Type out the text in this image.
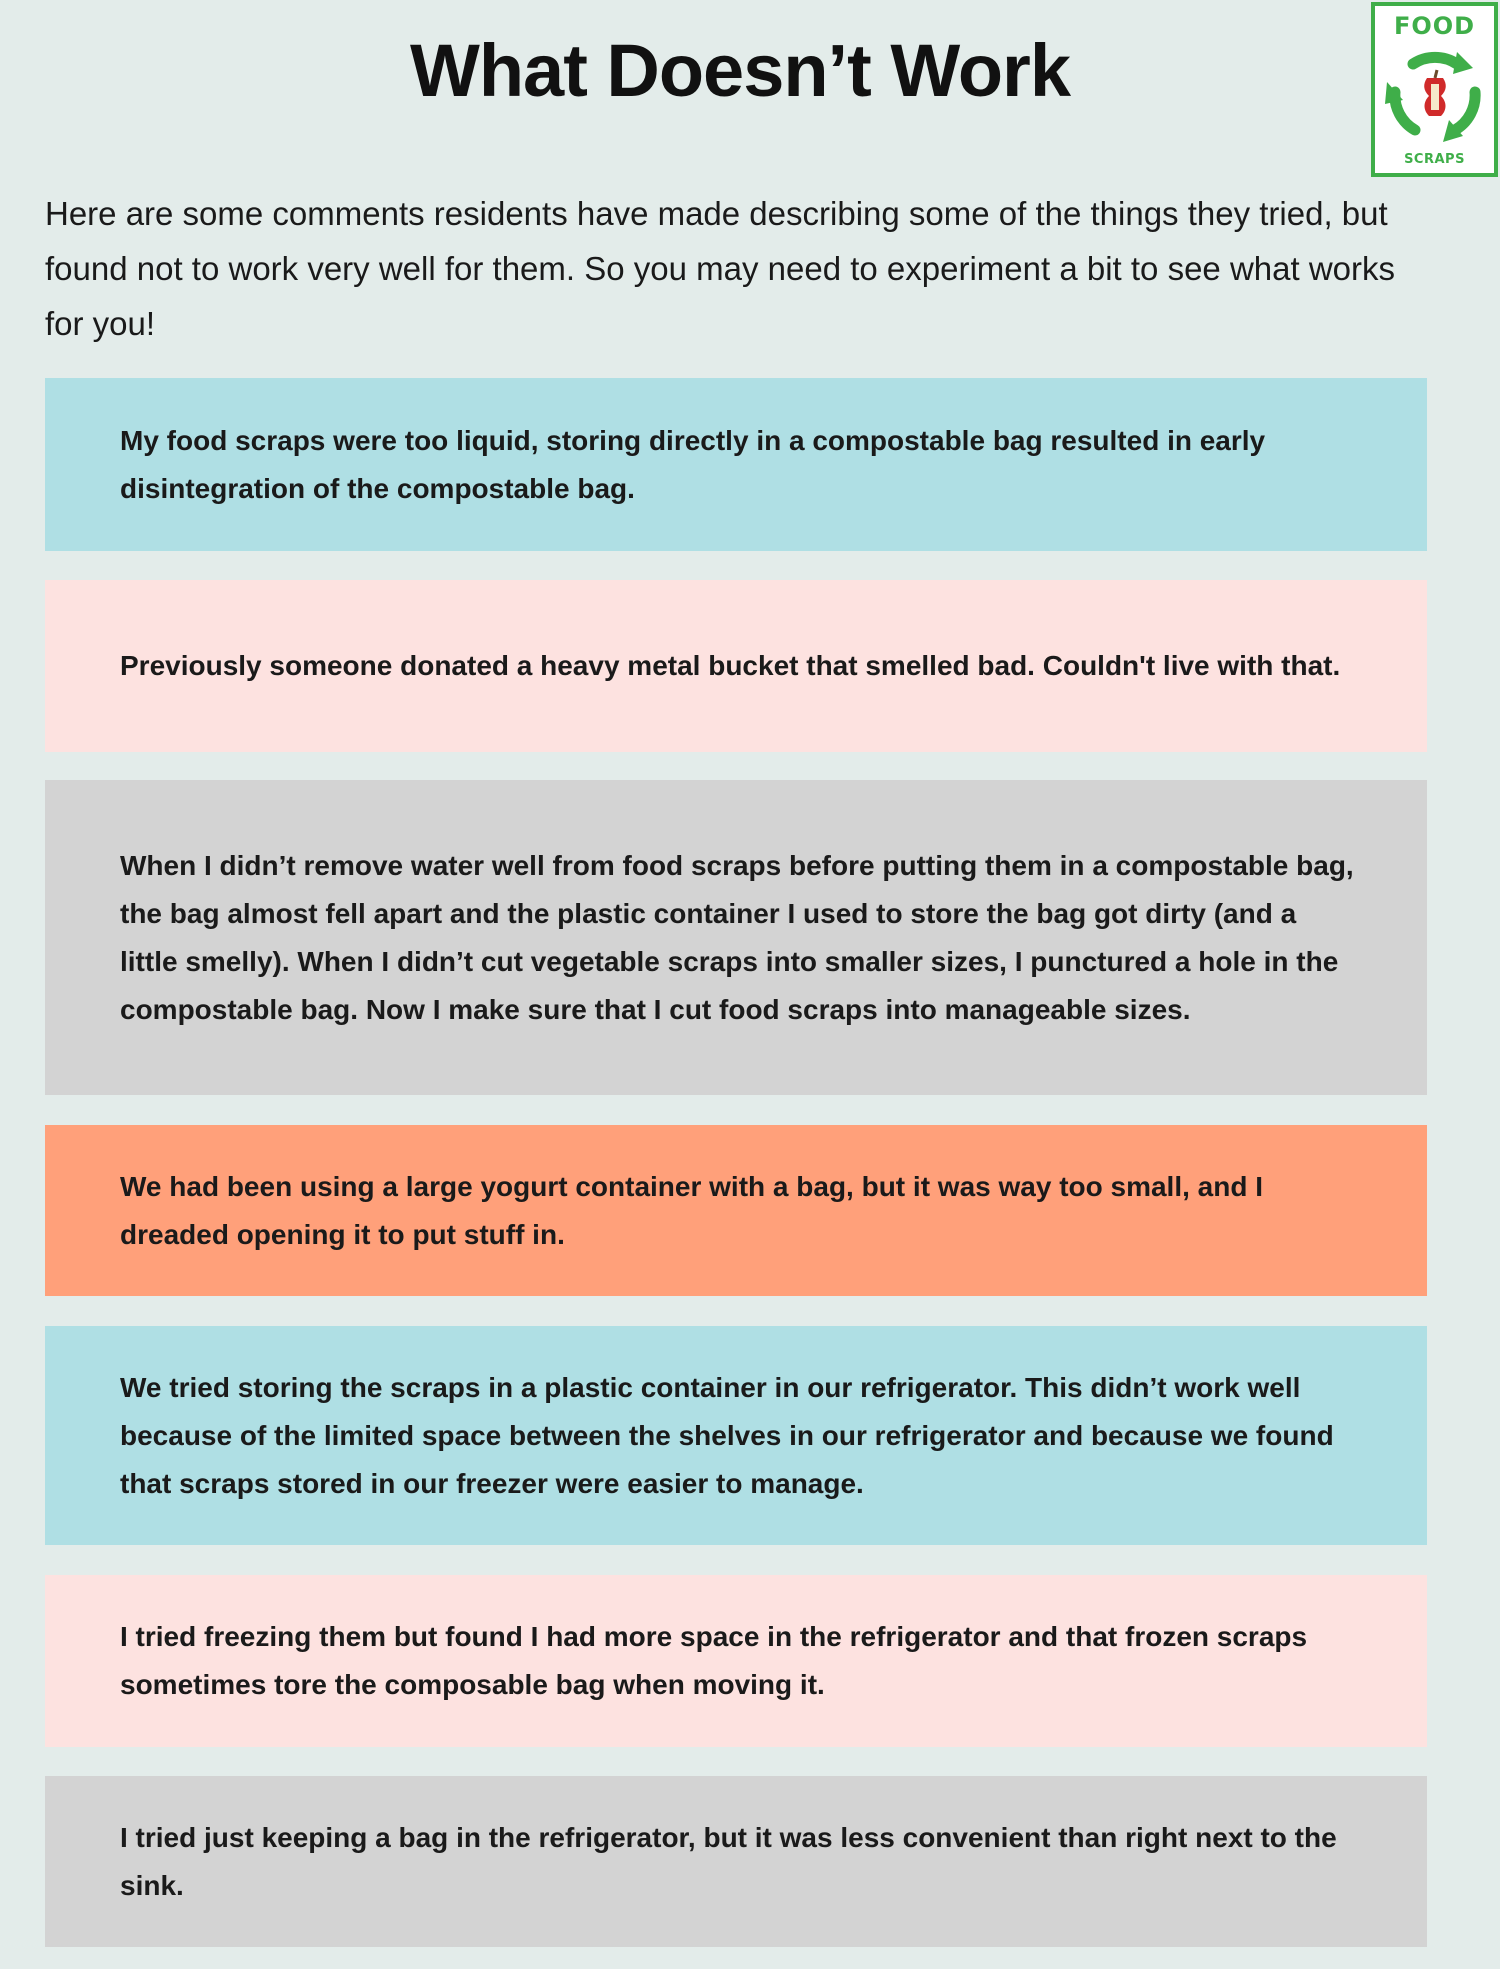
What Doesn’t Work
FOOD
SCRAPS

Here are some comments residents have made describing some of the things they tried, but found not to work very well for them. So you may need to experiment a bit to see what works for you!

My food scraps were too liquid, storing directly in a compostable bag resulted in early disintegration of the compostable bag.

Previously someone donated a heavy metal bucket that smelled bad. Couldn't live with that.

When I didn’t remove water well from food scraps before putting them in a compostable bag, the bag almost fell apart and the plastic container I used to store the bag got dirty (and a little smelly). When I didn’t cut vegetable scraps into smaller sizes, I punctured a hole in the compostable bag. Now I make sure that I cut food scraps into manageable sizes.

We had been using a large yogurt container with a bag, but it was way too small, and I dreaded opening it to put stuff in.

We tried storing the scraps in a plastic container in our refrigerator. This didn’t work well because of the limited space between the shelves in our refrigerator and because we found that scraps stored in our freezer were easier to manage.

I tried freezing them but found I had more space in the refrigerator and that frozen scraps sometimes tore the composable bag when moving it.

I tried just keeping a bag in the refrigerator, but it was less convenient than right next to the sink.
